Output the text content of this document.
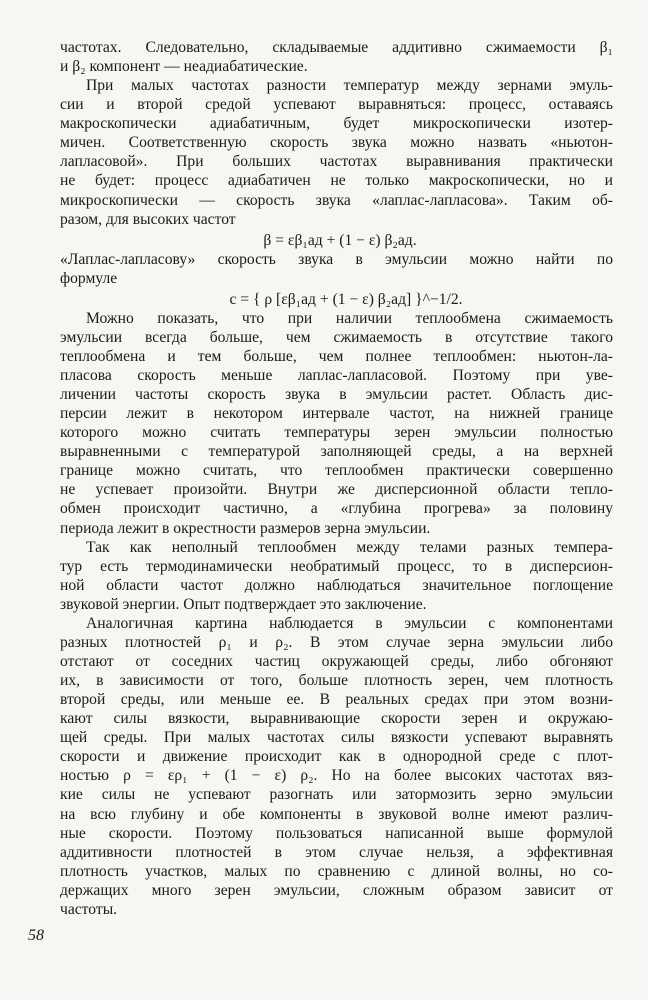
частотах. Следовательно, складываемые аддитивно сжимаемости β₁
и β₂ компонент — неадиабатические.
При малых частотах разности температур между зернами эмуль-
сии и второй средой успевают выравняться: процесс, оставаясь
макроскопически адиабатичным, будет микроскопически изотер-
мичен. Соответственную скорость звука можно назвать «ньютон-
лапласовой». При больших частотах выравнивания практически
не будет: процесс адиабатичен не только макроскопически, но и
микроскопически — скорость звука «лаплас-лапласова». Таким об-
разом, для высоких частот
β = εβ₁ад + (1 − ε) β₂ад.
«Лаплас-лапласову» скорость звука в эмульсии можно найти по
формуле
c = { ρ [εβ₁ад + (1 − ε) β₂ад] }^−1/2.
Можно показать, что при наличии теплообмена сжимаемость
эмульсии всегда больше, чем сжимаемость в отсутствие такого
теплообмена и тем больше, чем полнее теплообмен: ньютон-ла-
пласова скорость меньше лаплас-лапласовой. Поэтому при уве-
личении частоты скорость звука в эмульсии растет. Область дис-
персии лежит в некотором интервале частот, на нижней границе
которого можно считать температуры зерен эмульсии полностью
выравненными с температурой заполняющей среды, а на верхней
границе можно считать, что теплообмен практически совершенно
не успевает произойти. Внутри же дисперсионной области тепло-
обмен происходит частично, а «глубина прогрева» за половину
периода лежит в окрестности размеров зерна эмульсии.
Так как неполный теплообмен между телами разных темпера-
тур есть термодинамически необратимый процесс, то в дисперсион-
ной области частот должно наблюдаться значительное поглощение
звуковой энергии. Опыт подтверждает это заключение.
Аналогичная картина наблюдается в эмульсии с компонентами
разных плотностей ρ₁ и ρ₂. В этом случае зерна эмульсии либо
отстают от соседних частиц окружающей среды, либо обгоняют
их, в зависимости от того, больше плотность зерен, чем плотность
второй среды, или меньше ее. В реальных средах при этом возни-
кают силы вязкости, выравнивающие скорости зерен и окружаю-
щей среды. При малых частотах силы вязкости успевают выравнять
скорости и движение происходит как в однородной среде с плот-
ностью ρ = ερ₁ + (1 − ε) ρ₂. Но на более высоких частотах вяз-
кие силы не успевают разогнать или затормозить зерно эмульсии
на всю глубину и обе компоненты в звуковой волне имеют различ-
ные скорости. Поэтому пользоваться написанной выше формулой
аддитивности плотностей в этом случае нельзя, а эффективная
плотность участков, малых по сравнению с длиной волны, но со-
держащих много зерен эмульсии, сложным образом зависит от
частоты.
58
